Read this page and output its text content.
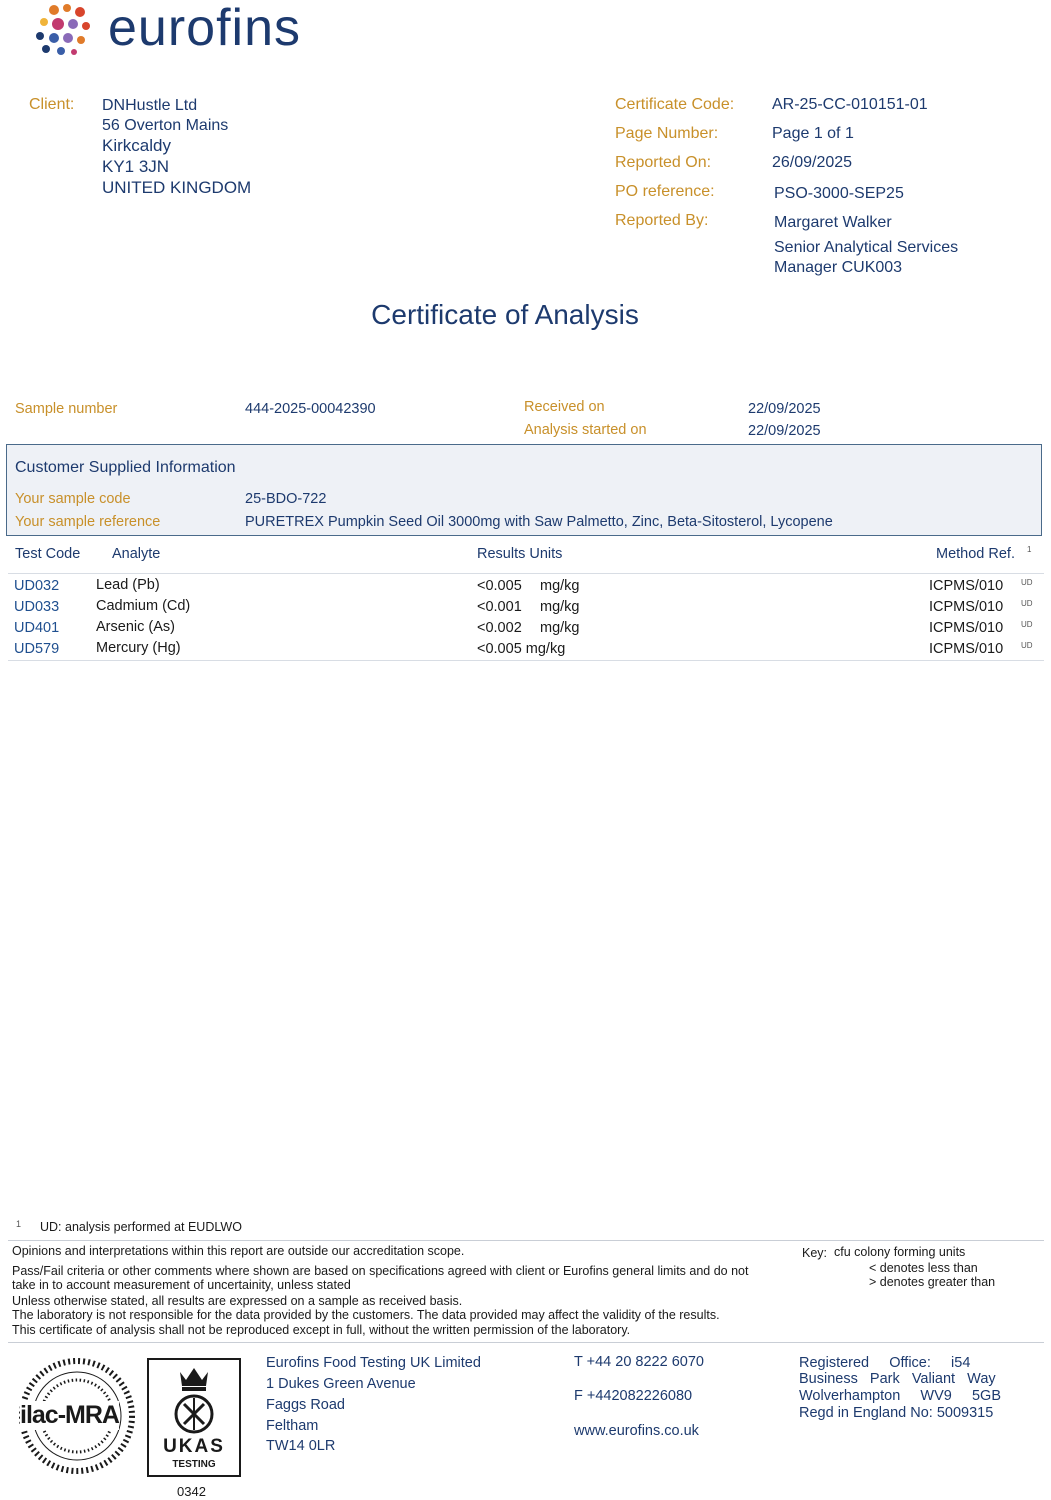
eurofins
Client: DNHustle Ltd
56 Overton Mains
Kirkcaldy
KY1 3JN
UNITED KINGDOM
Certificate Code: AR-25-CC-010151-01
Page Number:	Page 1 of 1
Reported On:	26/09/2025
PO reference:	PSO-3000-SEP25
Reported By:	Margaret Walker
Senior Analytical Services
Manager CUK003
Certificate of Analysis
Sample number	444-2025-00042390	Received on	22/09/2025
Analysis started on	22/09/2025
Customer Supplied Information
Your sample code	25-BDO-722
Your sample reference	PURETREX Pumpkin Seed Oil 3000mg with Saw Palmetto, Zinc, Beta-Sitosterol, Lycopene
Test Code Analyte	Results Units	Method Ref. 1
UD032	Lead (Pb)	<0.005 mg/kg	ICPMS/010 UD
UD033	Cadmium (Cd)	<0.001 mg/kg	ICPMS/010 UD
UD401	Arsenic (As)	<0.002 mg/kg	ICPMS/010 UD
UD579	Mercury (Hg)	<0.005 mg/kg	ICPMS/010 UD
1 UD: analysis performed at EUDLWO
Opinions and interpretations within this report are outside our accreditation scope.
Pass/Fail criteria or other comments where shown are based on specifications agreed with client or Eurofins general limits and do not
take in to account measurement of uncertainity, unless stated
Unless otherwise stated, all results are expressed on a sample as received basis.
The laboratory is not responsible for the data provided by the customers. The data provided may affect the validity of the results.
This certificate of analysis shall not be reproduced except in full, without the written permission of the laboratory.
Key: cfu colony forming units
< denotes less than
> denotes greater than
ilac-MRA
UKAS
TESTING
0342
Eurofins Food Testing UK Limited
1 Dukes Green Avenue
Faggs Road
Feltham
TW14 0LR
T +44 20 8222 6070
F +442082226080
www.eurofins.co.uk
Registered     Office:     i54
Business   Park   Valiant   Way
Wolverhampton     WV9     5GB
Regd in England No: 5009315
